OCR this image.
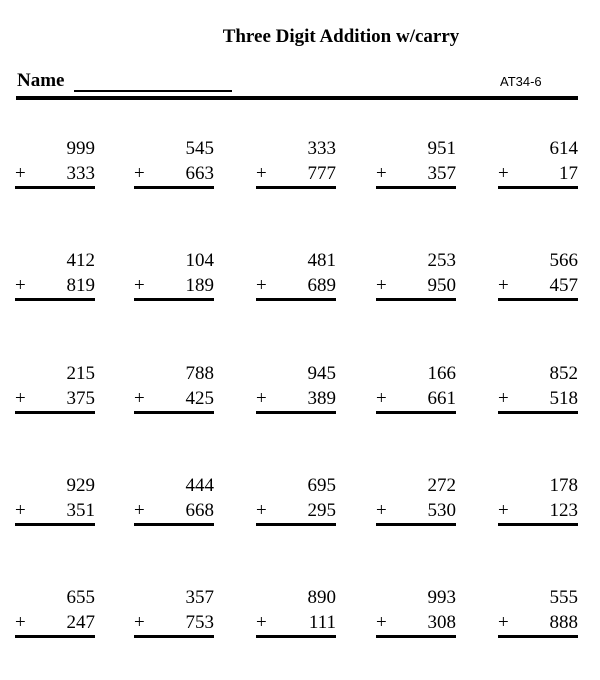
Three Digit Addition w/carry
Name	AT34-6
999
+ 333
545
+ 663
333
+ 777
951
+ 357
614
+	17
412
+ 819
104
+ 189
481
+ 689
253
+ 950
566
+ 457
215
+ 375
788
+ 425
945
+ 389
166
+ 661
852
+ 518
929
+ 351
444
+ 668
695
+ 295
272
+ 530
178
+ 123
655
+ 247
357
+ 753
890
+ 111
993
+ 308
555
+ 888
